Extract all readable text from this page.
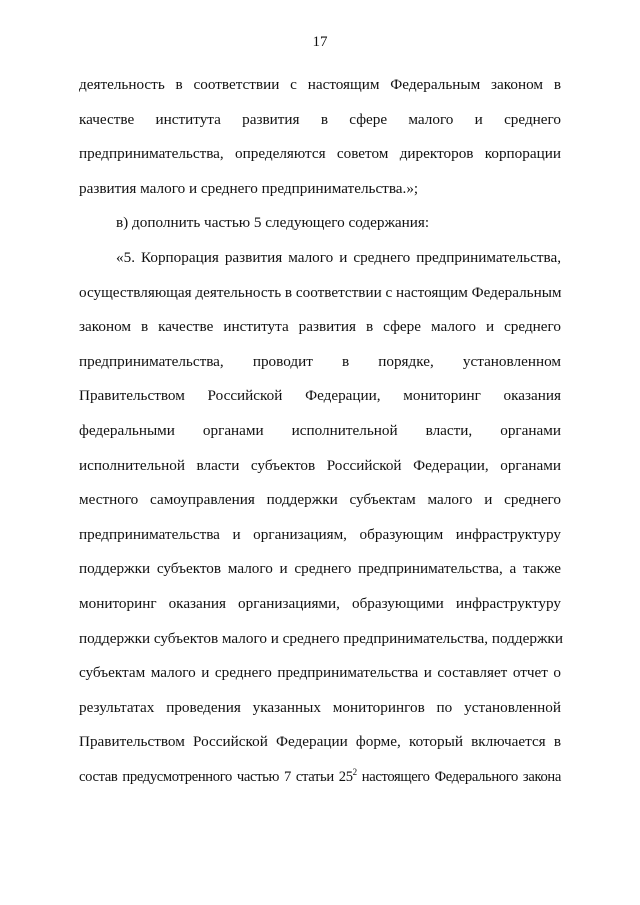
17
деятельность в соответствии с настоящим Федеральным законом в
качестве института развития в сфере малого и среднего
предпринимательства, определяются советом директоров корпорации
развития малого и среднего предпринимательства.»;
в) дополнить частью 5 следующего содержания:
«5. Корпорация развития малого и среднего предпринимательства,
осуществляющая деятельность в соответствии с настоящим Федеральным
законом в качестве института развития в сфере малого и среднего
предпринимательства, проводит в порядке, установленном
Правительством Российской Федерации, мониторинг оказания
федеральными органами исполнительной власти, органами
исполнительной власти субъектов Российской Федерации, органами
местного самоуправления поддержки субъектам малого и среднего
предпринимательства и организациям, образующим инфраструктуру
поддержки субъектов малого и среднего предпринимательства, а также
мониторинг оказания организациями, образующими инфраструктуру
поддержки субъектов малого и среднего предпринимательства, поддержки
субъектам малого и среднего предпринимательства и составляет отчет о
результатах проведения указанных мониторингов по установленной
Правительством Российской Федерации форме, который включается в
состав предусмотренного частью 7 статьи $25^2$ настоящего Федерального закона
